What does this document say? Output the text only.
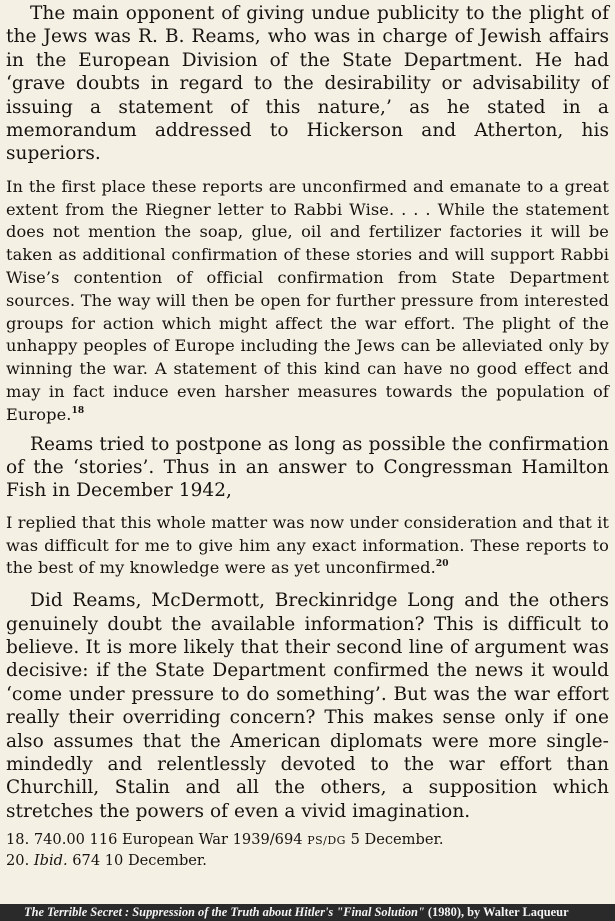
The main opponent of giving undue publicity to the plight of the Jews was R. B. Reams, who was in charge of Jewish affairs in the European Division of the State Department. He had ‘grave doubts in regard to the desirability or advisability of issuing a statement of this nature,’ as he stated in a memorandum addressed to Hickerson and Atherton, his superiors.

In the first place these reports are unconfirmed and emanate to a great extent from the Riegner letter to Rabbi Wise. . . . While the statement does not mention the soap, glue, oil and fertilizer factories it will be taken as additional confirmation of these stories and will support Rabbi Wise’s contention of official confirmation from State Department sources. The way will then be open for further pressure from interested groups for action which might affect the war effort. The plight of the unhappy peoples of Europe including the Jews can be alleviated only by winning the war. A statement of this kind can have no good effect and may in fact induce even harsher measures towards the population of Europe.$^{18}$

Reams tried to postpone as long as possible the confirmation of the ‘stories’. Thus in an answer to Congressman Hamilton Fish in December 1942,

I replied that this whole matter was now under consideration and that it was difficult for me to give him any exact information. These reports to the best of my knowledge were as yet unconfirmed.$^{20}$

Did Reams, McDermott, Breckinridge Long and the others genuinely doubt the available information? This is difficult to believe. It is more likely that their second line of argument was decisive: if the State Department confirmed the news it would ‘come under pressure to do something’. But was the war effort really their overriding concern? This makes sense only if one also assumes that the American diplomats were more single-mindedly and relentlessly devoted to the war effort than Churchill, Stalin and all the others, a supposition which stretches the powers of even a vivid imagination.

18. 740.00 116 European War 1939/694 PS/DG 5 December.
20. Ibid. 674 10 December.
The Terrible Secret : Suppression of the Truth about Hitler's "Final Solution" (1980), by Walter Laqueur
